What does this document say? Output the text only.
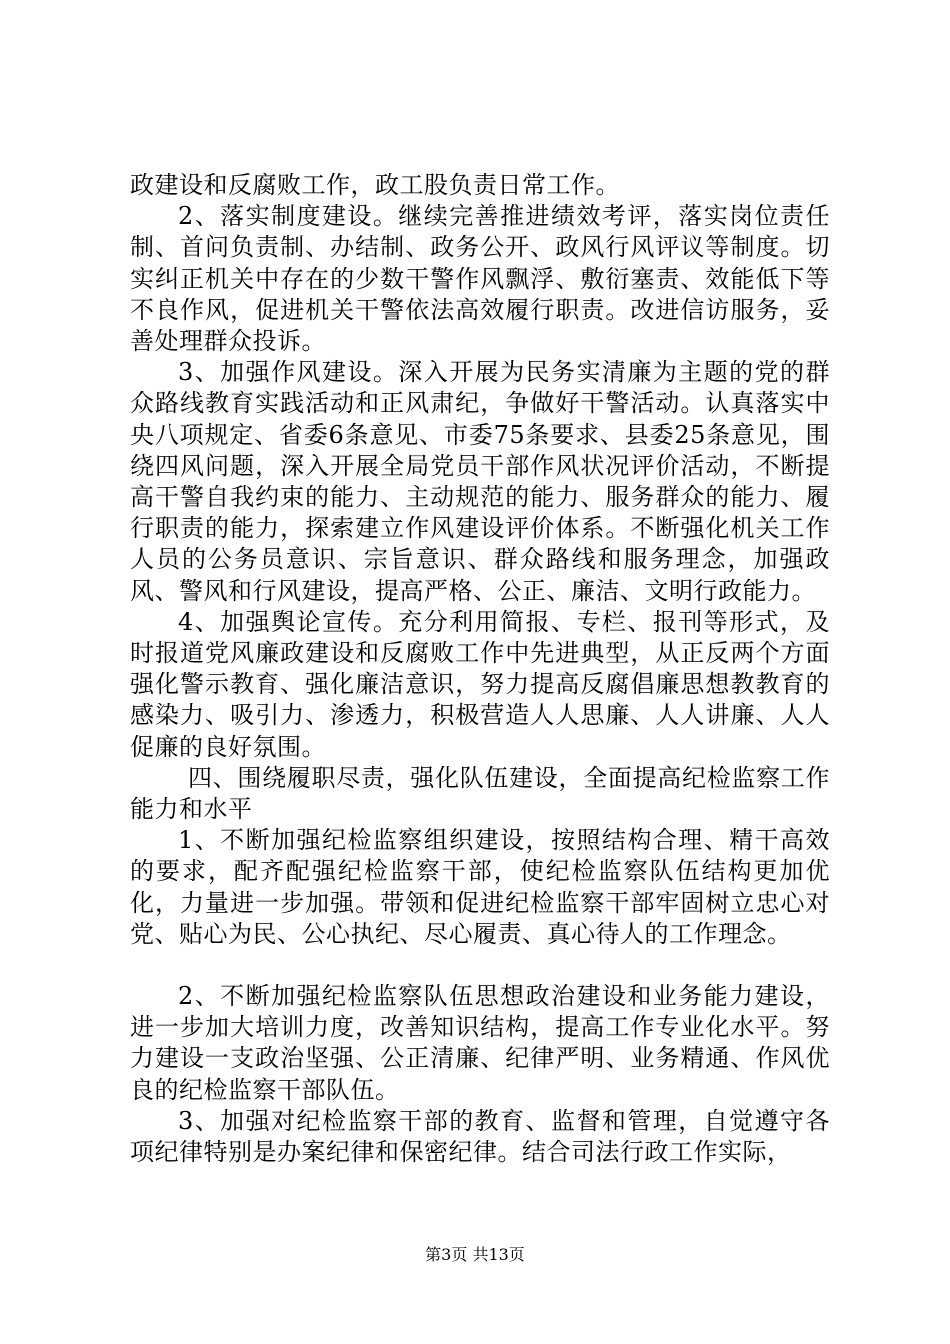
政建设和反腐败工作，政工股负责日常工作。

2、落实制度建设。继续完善推进绩效考评，落实岗位责任制、首问负责制、办结制、政务公开、政风行风评议等制度。切实纠正机关中存在的少数干警作风飘浮、敷衍塞责、效能低下等不良作风，促进机关干警依法高效履行职责。改进信访服务，妥善处理群众投诉。

3、加强作风建设。深入开展为民务实清廉为主题的党的群众路线教育实践活动和正风肃纪，争做好干警活动。认真落实中央八项规定、省委6条意见、市委75条要求、县委25条意见，围绕四风问题，深入开展全局党员干部作风状况评价活动，不断提高干警自我约束的能力、主动规范的能力、服务群众的能力、履行职责的能力，探索建立作风建设评价体系。不断强化机关工作人员的公务员意识、宗旨意识、群众路线和服务理念，加强政风、警风和行风建设，提高严格、公正、廉洁、文明行政能力。

4、加强舆论宣传。充分利用简报、专栏、报刊等形式，及时报道党风廉政建设和反腐败工作中先进典型，从正反两个方面强化警示教育、强化廉洁意识，努力提高反腐倡廉思想教教育的感染力、吸引力、渗透力，积极营造人人思廉、人人讲廉、人人促廉的良好氛围。

四、围绕履职尽责，强化队伍建设，全面提高纪检监察工作能力和水平

1、不断加强纪检监察组织建设，按照结构合理、精干高效的要求，配齐配强纪检监察干部，使纪检监察队伍结构更加优化，力量进一步加强。带领和促进纪检监察干部牢固树立忠心对党、贴心为民、公心执纪、尽心履责、真心待人的工作理念。

2、不断加强纪检监察队伍思想政治建设和业务能力建设，进一步加大培训力度，改善知识结构，提高工作专业化水平。努力建设一支政治坚强、公正清廉、纪律严明、业务精通、作风优良的纪检监察干部队伍。

3、加强对纪检监察干部的教育、监督和管理，自觉遵守各项纪律特别是办案纪律和保密纪律。结合司法行政工作实际，

第3页 共13页
